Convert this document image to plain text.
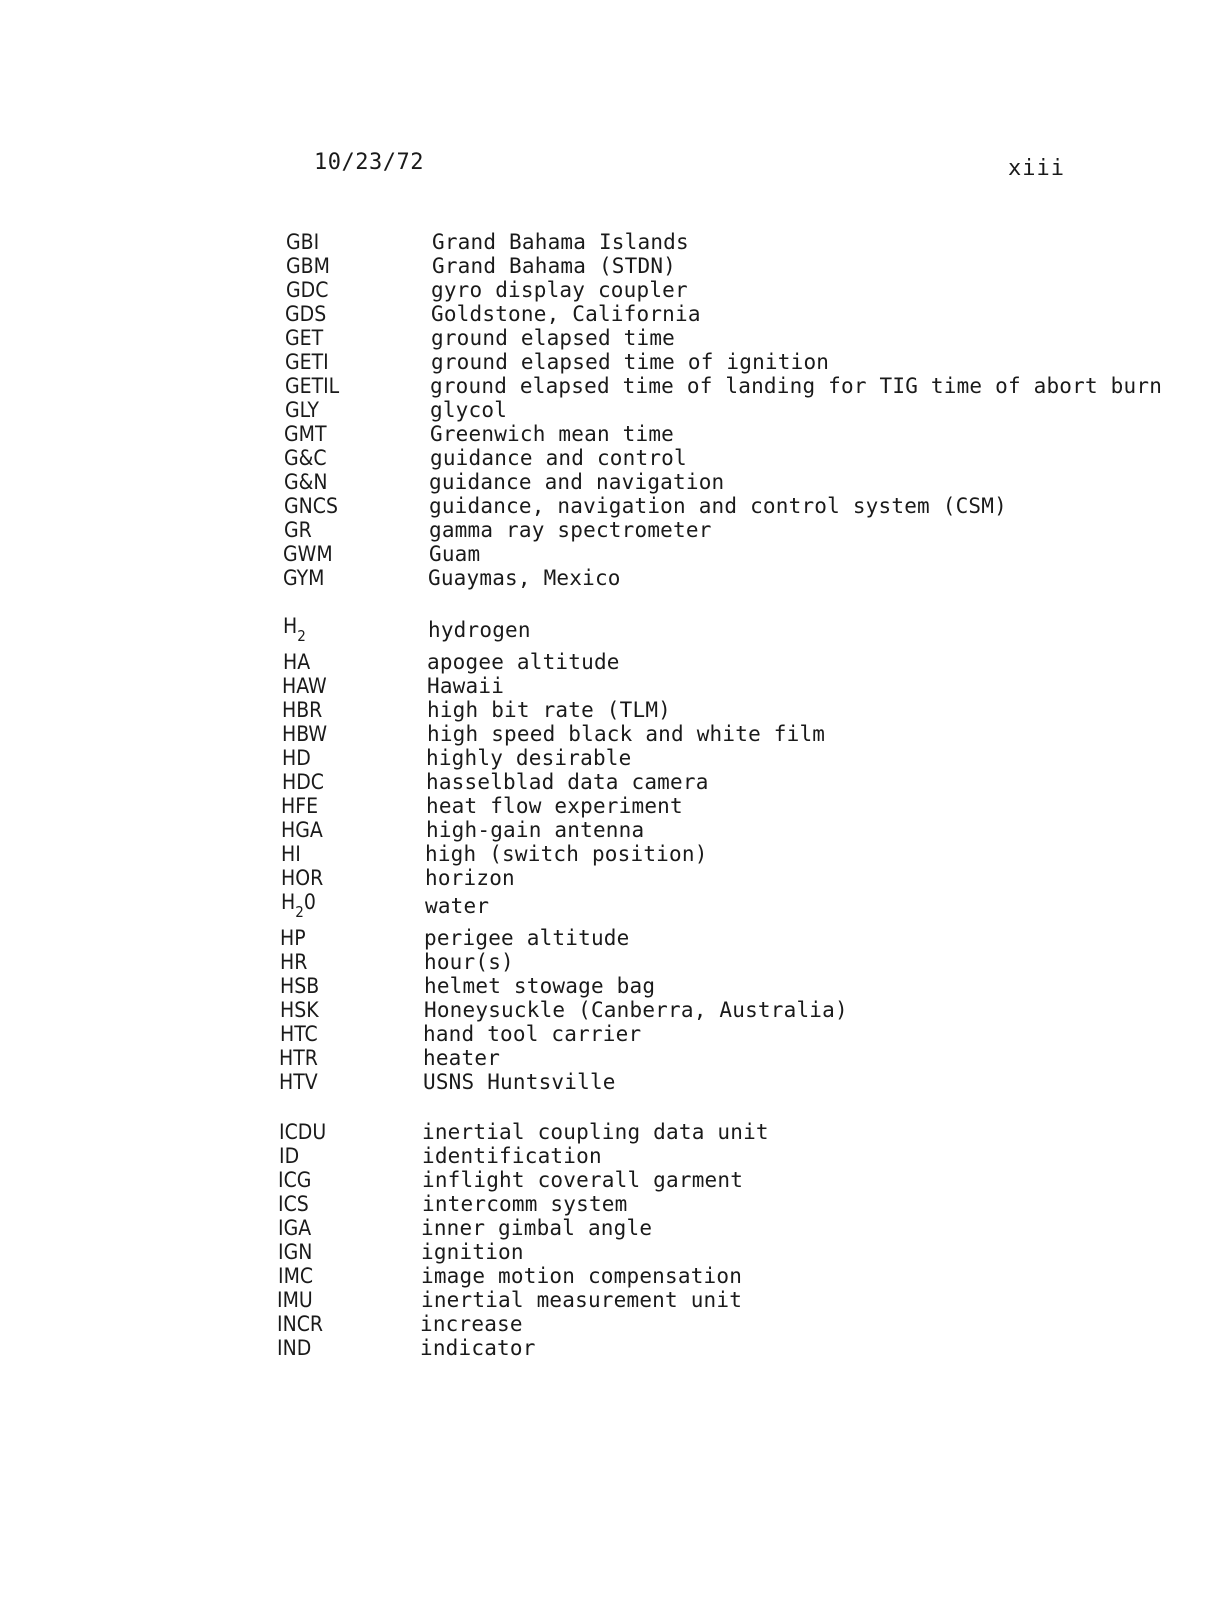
10/23/72	xiii
GBI	Grand Bahama Islands
GBM	Grand Bahama (STDN)
GDC	gyro display coupler
GDS	Goldstone, California
GET	ground elapsed time
GETI	ground elapsed time of ignition
GETIL	ground elapsed time of landing for TIG time of abort burn
GLY	glycol
GMT	Greenwich mean time
G&C	guidance and control
G&N	guidance and navigation
GNCS	guidance, navigation and control system (CSM)
GR	gamma ray spectrometer
GWM	Guam
GYM	Guaymas, Mexico
$H_2$	hydrogen
HA	apogee altitude
HAW	Hawaii
HBR	high bit rate (TLM)
HBW	high speed black and white film
HD	highly desirable
HDC	hasselblad data camera
HFE	heat flow experiment
HGA	high-gain antenna
HI	high (switch position)
HOR	horizon
$H_20$	water
HP	perigee altitude
HR	hour(s)
HSB	helmet stowage bag
HSK	Honeysuckle (Canberra, Australia)
HTC	hand tool carrier
HTR	heater
HTV	USNS Huntsville
ICDU	inertial coupling data unit
ID	identification
ICG	inflight coverall garment
ICS	intercomm system
IGA	inner gimbal angle
IGN	ignition
IMC	image motion compensation
IMU	inertial measurement unit
INCR	increase
IND	indicator
